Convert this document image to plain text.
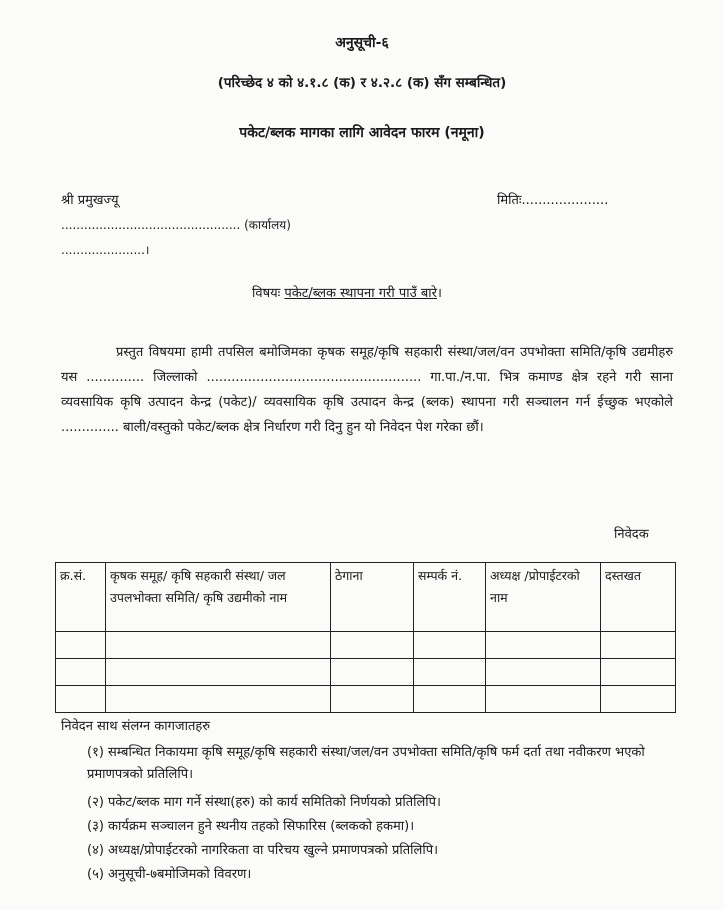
अनुसूची-६
(परिच्छेद ४ को ४.१.८ (क) र ४.२.८ (क) सँग सम्बन्धित)
पकेट/ब्लक मागका लागि आवेदन फारम (नमूना)
श्री प्रमुखज्यू	मितिः.....................
............................................... (कार्यालय)
......................।
विषयः पकेट/ब्लक स्थापना गरी पाउँ बारे।
प्रस्तुत विषयमा हामी तपसिल बमोजिमका कृषक समूह/कृषि सहकारी संस्था/जल/वन उपभोक्ता समिति/कृषि उद्यमीहरु यस .............. जिल्लाको .................................................... गा.पा./न.पा. भित्र कमाण्ड क्षेत्र रहने गरी साना व्यवसायिक कृषि उत्पादन केन्द्र (पकेट)/ व्यवसायिक कृषि उत्पादन केन्द्र (ब्लक) स्थापना गरी सञ्चालन गर्न ईच्छुक भएकोले .............. बाली/वस्तुको पकेट/ब्लक क्षेत्र निर्धारण गरी दिनु हुन यो निवेदन पेश गरेका छौं।
निवेदक
क्र.सं.	कृषक समूह/ कृषि सहकारी संस्था/ जल उपलभोक्ता समिति/ कृषि उद्यमीको नाम	ठेगाना	सम्पर्क नं.	अध्यक्ष /प्रोपाईटरको नाम	दस्तखत

निवेदन साथ संलग्न कागजातहरु
(१) सम्बन्धित निकायमा कृषि समूह/कृषि सहकारी संस्था/जल/वन उपभोक्ता समिति/कृषि फर्म दर्ता तथा नवीकरण भएको प्रमाणपत्रको प्रतिलिपि।
(२) पकेट/ब्लक माग गर्ने संस्था(हरु) को कार्य समितिको निर्णयको प्रतिलिपि।
(३) कार्यक्रम सञ्चालन हुने स्थनीय तहको सिफारिस (ब्लकको हकमा)।
(४) अध्यक्ष/प्रोपाईटरको नागरिकता वा परिचय खुल्ने प्रमाणपत्रको प्रतिलिपि।
(५) अनुसूची-७बमोजिमको विवरण।
